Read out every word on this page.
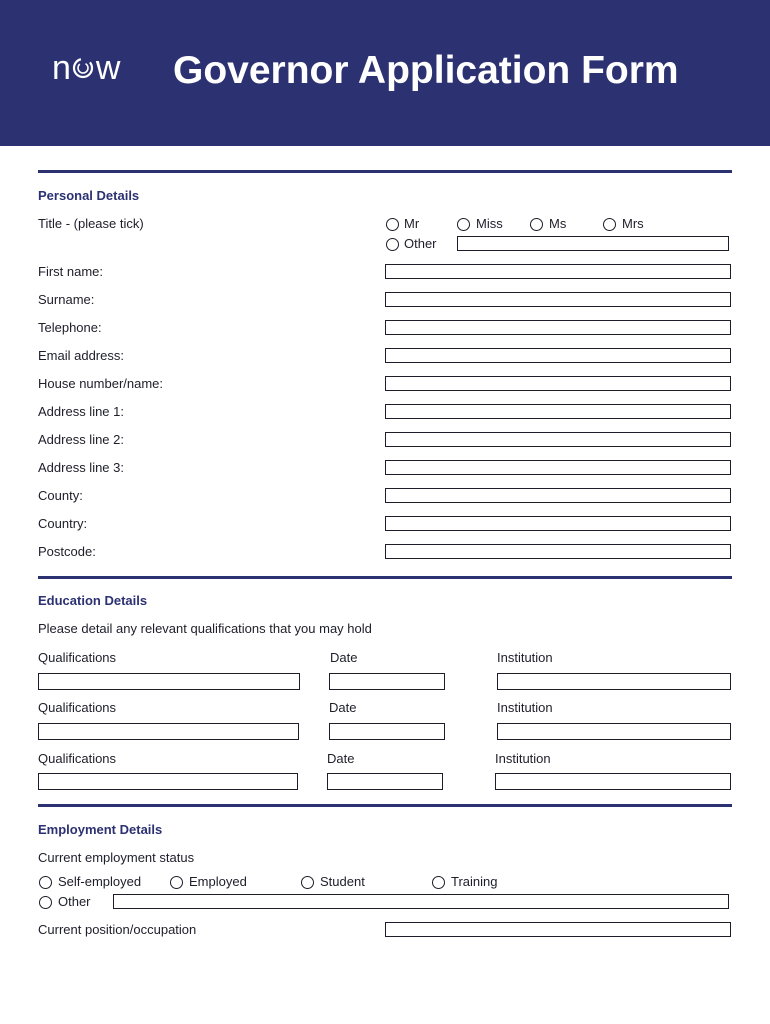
n w Governor Application Form
Personal Details
Title - (please tick)	Mr	Miss	Ms	Mrs
Other
First name:
Surname:
Telephone:
Email address:
House number/name:
Address line 1:
Address line 2:
Address line 3:
County:
Country:
Postcode:
Education Details
Please detail any relevant qualifications that you may hold
Qualifications	Date	Institution
Qualifications	Date	Institution
Qualifications	Date	Institution
Employment Details
Current employment status
Self-employed	Employed	Student	Training
Other
Current position/occupation
